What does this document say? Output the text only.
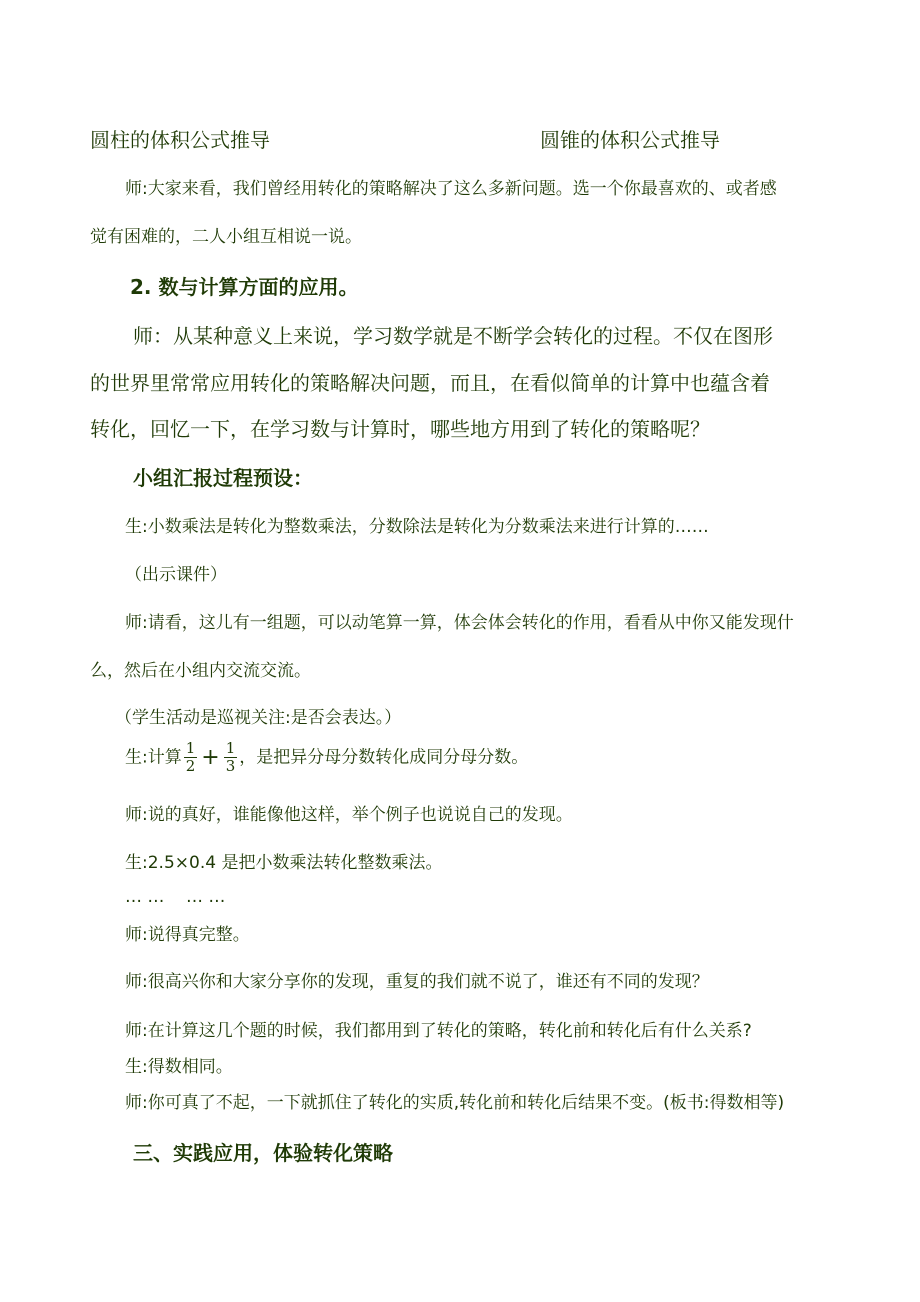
圆柱的体积公式推导	圆锥的体积公式推导
师:大家来看，我们曾经用转化的策略解决了这么多新问题。选一个你最喜欢的、或者感
觉有困难的，二人小组互相说一说。
2. 数与计算方面的应用。
师：从某种意义上来说，学习数学就是不断学会转化的过程。不仅在图形
的世界里常常应用转化的策略解决问题，而且，在看似简单的计算中也蕴含着
转化，回忆一下，在学习数与计算时，哪些地方用到了转化的策略呢？
小组汇报过程预设：
生:小数乘法是转化为整数乘法，分数除法是转化为分数乘法来进行计算的……
（出示课件）
师:请看，这儿有一组题，可以动笔算一算，体会体会转化的作用，看看从中你又能发现什
么，然后在小组内交流交流。
（学生活动是巡视关注:是否会表达。）
生:计算 $\frac{1}{2} + \frac{1}{3}$ ，是把异分母分数转化成同分母分数。
师:说的真好，谁能像他这样，举个例子也说说自己的发现。
生:2.5×0.4 是把小数乘法转化整数乘法。
… …    … …
师:说得真完整。
师:很高兴你和大家分享你的发现，重复的我们就不说了，谁还有不同的发现？
师:在计算这几个题的时候，我们都用到了转化的策略，转化前和转化后有什么关系?
生:得数相同。
师:你可真了不起，一下就抓住了转化的实质,转化前和转化后结果不变。(板书:得数相等)
三、实践应用，体验转化策略
